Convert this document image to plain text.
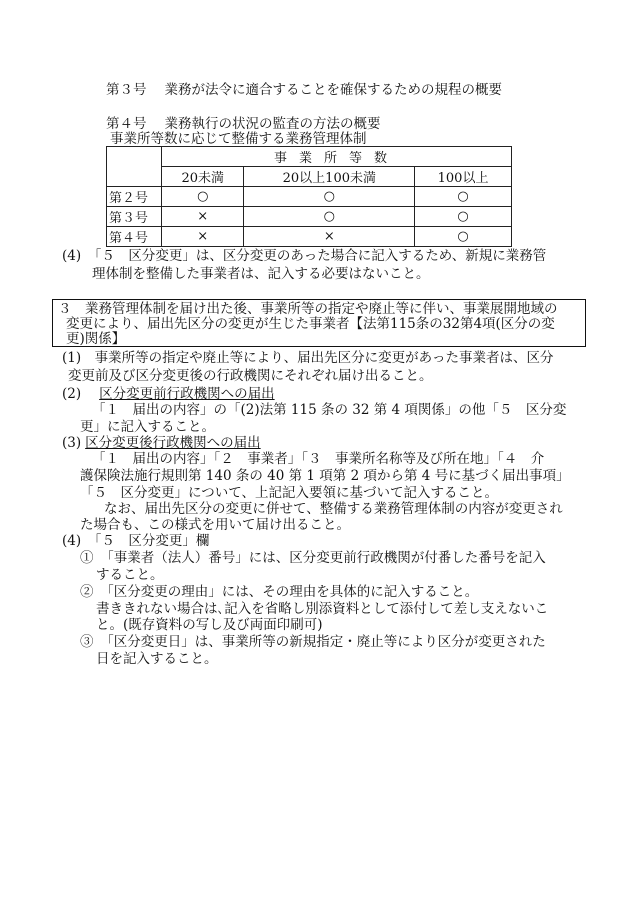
第３号 業務が法令に適合することを確保するための規程の概要
第４号 業務執行の状況の監査の方法の概要
事業所等数に応じて整備する業務管理体制
	事業所等数		
	20未満	20以上100未満	100以上
第２号	○	○	○
第３号	×	○	○
第４号	×	×	○
(4)　「５　区分変更」は、区分変更のあった場合に記入するため、新規に業務管
理体制を整備した事業者は、記入する必要はないこと。
３　業務管理体制を届け出た後、事業所等の指定や廃止等に伴い、事業展開地域の
変更により、届出先区分の変更が生じた事業者【法第115条の32第4項(区分の変
更)関係】
(1)　事業所等の指定や廃止等により、届出先区分に変更があった事業者は、区分
変更前及び区分変更後の行政機関にそれぞれ届け出ること。
(2) 区分変更前行政機関への届出
「１　届出の内容」の「(2)法第 115 条の 32 第 4 項関係」の他「５　区分変
更」に記入すること。
(3) 区分変更後行政機関への届出
「１　届出の内容」「２　事業者」「３　事業所名称等及び所在地」「４　介
護保険法施行規則第 140 条の 40 第 1 項第 2 項から第 4 号に基づく届出事項」
「５　区分変更」について、上記記入要領に基づいて記入すること。
なお、届出先区分の変更に併せて、整備する業務管理体制の内容が変更され
た場合も、この様式を用いて届け出ること。
(4)　「５　区分変更」欄
①　「事業者（法人）番号」には、区分変更前行政機関が付番した番号を記入
すること。
②　「区分変更の理由」には、その理由を具体的に記入すること。
書ききれない場合は､記入を省略し別添資料として添付して差し支えないこ
と。(既存資料の写し及び両面印刷可)
③　「区分変更日」は、事業所等の新規指定・廃止等により区分が変更された
日を記入すること。
